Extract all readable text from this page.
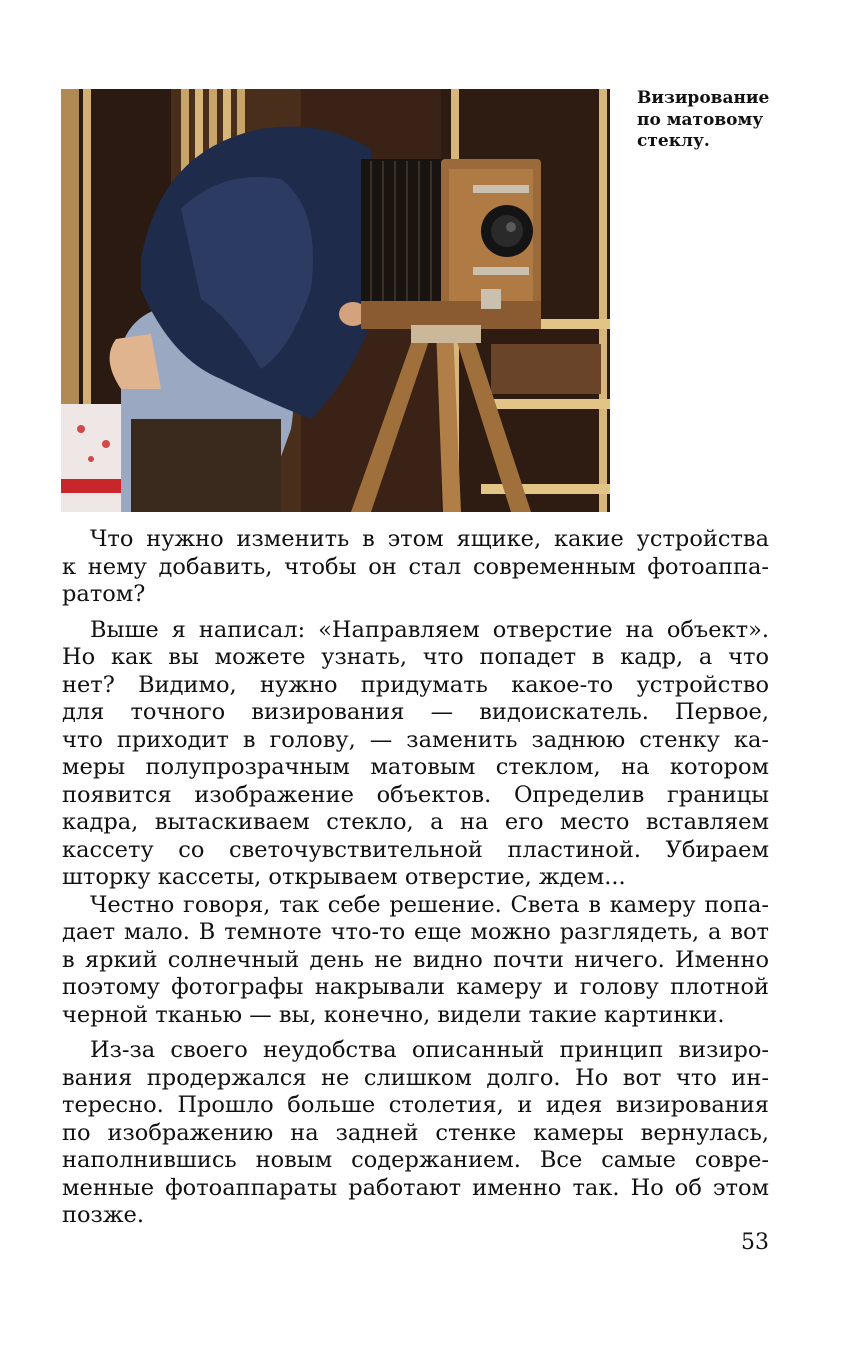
Визирование
по матовому
стеклу.

Что нужно изменить в этом ящике, какие устройства
к нему добавить, чтобы он стал современным фотоаппа-
ратом?

Выше я написал: «Направляем отверстие на объект».
Но как вы можете узнать, что попадет в кадр, а что
нет? Видимо, нужно придумать какое-то устройство
для точного визирования — видоискатель. Первое,
что приходит в голову, — заменить заднюю стенку ка-
меры полупрозрачным матовым стеклом, на котором
появится изображение объектов. Определив границы
кадра, вытаскиваем стекло, а на его место вставляем
кассету со светочувствительной пластиной. Убираем
шторку кассеты, открываем отверстие, ждем...

Честно говоря, так себе решение. Света в камеру попа-
дает мало. В темноте что-то еще можно разглядеть, а вот
в яркий солнечный день не видно почти ничего. Именно
поэтому фотографы накрывали камеру и голову плотной
черной тканью — вы, конечно, видели такие картинки.

Из-за своего неудобства описанный принцип визиро-
вания продержался не слишком долго. Но вот что ин-
тересно. Прошло больше столетия, и идея визирования
по изображению на задней стенке камеры вернулась,
наполнившись новым содержанием. Все самые совре-
менные фотоаппараты работают именно так. Но об этом
позже.

53
